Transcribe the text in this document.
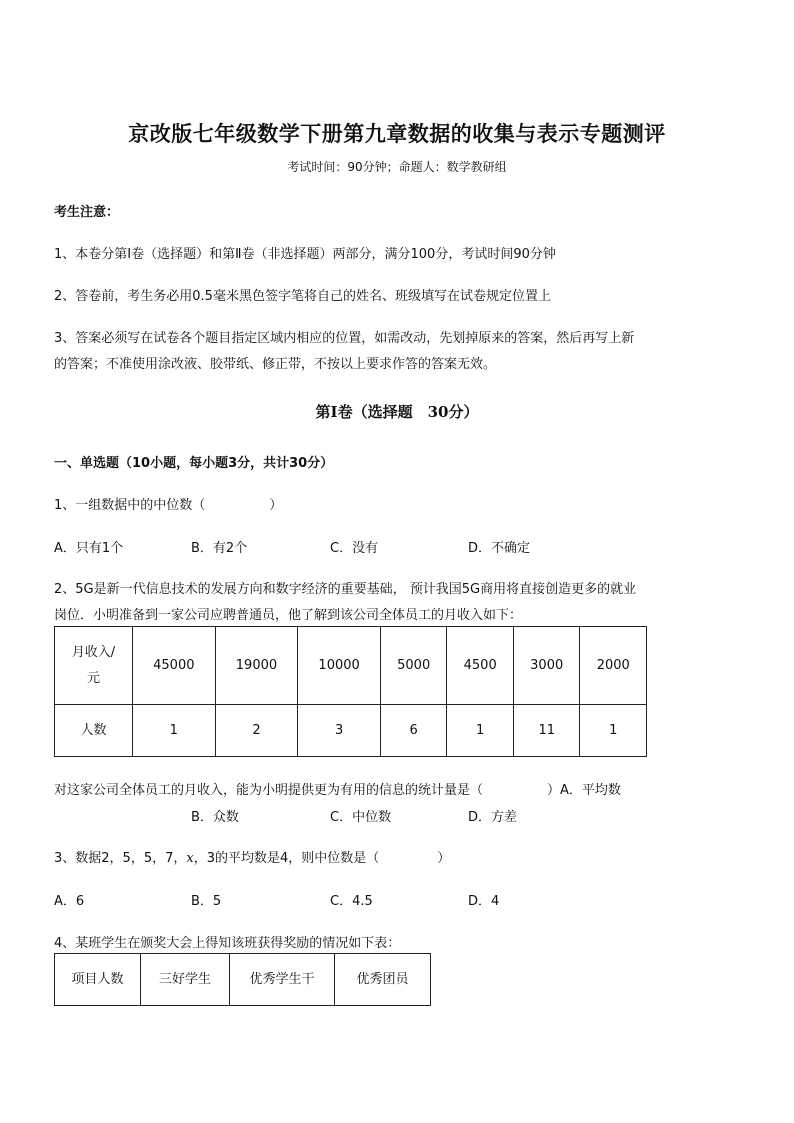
京改版七年级数学下册第九章数据的收集与表示专题测评
考试时间：90分钟；命题人：数学教研组
考生注意：
1、本卷分第Ⅰ卷（选择题）和第Ⅱ卷（非选择题）两部分，满分100分，考试时间90分钟
2、答卷前，考生务必用0.5毫米黑色签字笔将自己的姓名、班级填写在试卷规定位置上
3、答案必须写在试卷各个题目指定区域内相应的位置，如需改动，先划掉原来的答案，然后再写上新
的答案；不准使用涂改液、胶带纸、修正带，不按以上要求作答的答案无效。
第Ⅰ卷（选择题　30分）
一、单选题（10小题，每小题3分，共计30分）
1、一组数据中的中位数（	）
A．只有1个	B．有2个	C．没有	D．不确定
2、5G是新一代信息技术的发展方向和数字经济的重要基础， 预计我国5G商用将直接创造更多的就业
岗位．小明准备到一家公司应聘普通员，他了解到该公司全体员工的月收入如下：
月收入/
元	45000	19000	10000	5000	4500	3000	2000
人数	1	2	3	6	1	11	1
对这家公司全体员工的月收入，能为小明提供更为有用的信息的统计量是（	）A．平均数
B．众数	C．中位数	D．方差
3、数据2，5，5，7，x，3的平均数是4，则中位数是（	）
A．6	B．5	C．4.5	D．4
4、某班学生在颁奖大会上得知该班获得奖励的情况如下表：
项目人数	三好学生	优秀学生干	优秀团员
